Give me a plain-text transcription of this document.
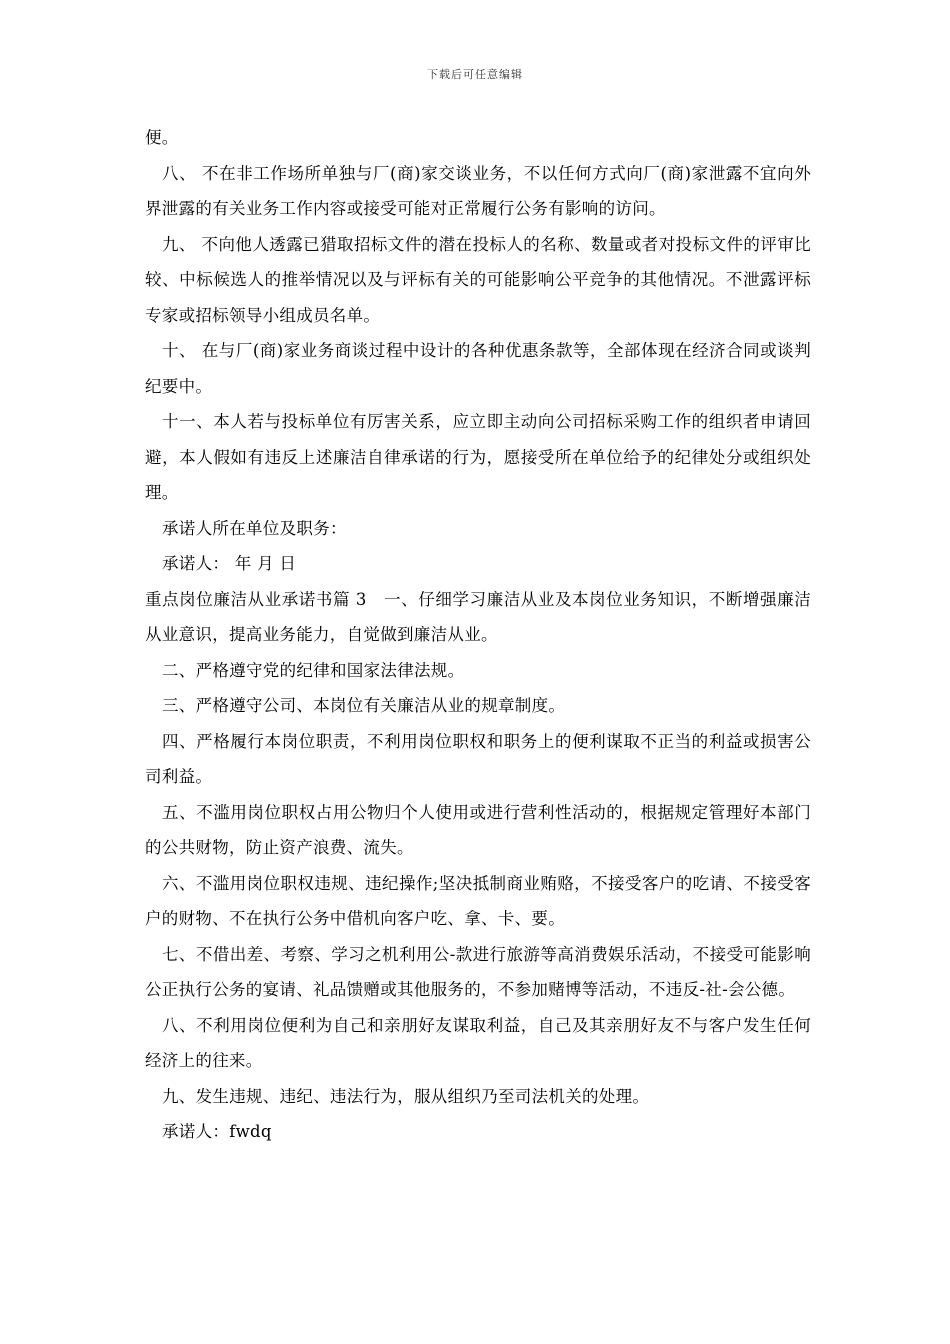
下载后可任意编辑

便。

八、 不在非工作场所单独与厂(商)家交谈业务，不以任何方式向厂(商)家泄露不宜向外界泄露的有关业务工作内容或接受可能对正常履行公务有影响的访问。

九、 不向他人透露已猎取招标文件的潜在投标人的名称、数量或者对投标文件的评审比较、中标候选人的推举情况以及与评标有关的可能影响公平竞争的其他情况。不泄露评标专家或招标领导小组成员名单。

十、 在与厂(商)家业务商谈过程中设计的各种优惠条款等，全部体现在经济合同或谈判纪要中。

十一、本人若与投标单位有厉害关系，应立即主动向公司招标采购工作的组织者申请回避，本人假如有违反上述廉洁自律承诺的行为，愿接受所在单位给予的纪律处分或组织处理。

承诺人所在单位及职务：

承诺人： 年 月 日

重点岗位廉洁从业承诺书篇 3　一、仔细学习廉洁从业及本岗位业务知识，不断增强廉洁从业意识，提高业务能力，自觉做到廉洁从业。

二、严格遵守党的纪律和国家法律法规。

三、严格遵守公司、本岗位有关廉洁从业的规章制度。

四、严格履行本岗位职责，不利用岗位职权和职务上的便利谋取不正当的利益或损害公司利益。

五、不滥用岗位职权占用公物归个人使用或进行营利性活动的，根据规定管理好本部门的公共财物，防止资产浪费、流失。

六、不滥用岗位职权违规、违纪操作;坚决抵制商业贿赂，不接受客户的吃请、不接受客户的财物、不在执行公务中借机向客户吃、拿、卡、要。

七、不借出差、考察、学习之机利用公-款进行旅游等高消费娱乐活动，不接受可能影响公正执行公务的宴请、礼品馈赠或其他服务的，不参加赌博等活动，不违反-社-会公德。

八、不利用岗位便利为自己和亲朋好友谋取利益，自己及其亲朋好友不与客户发生任何经济上的往来。

九、发生违规、违纪、违法行为，服从组织乃至司法机关的处理。

承诺人：fwdq
